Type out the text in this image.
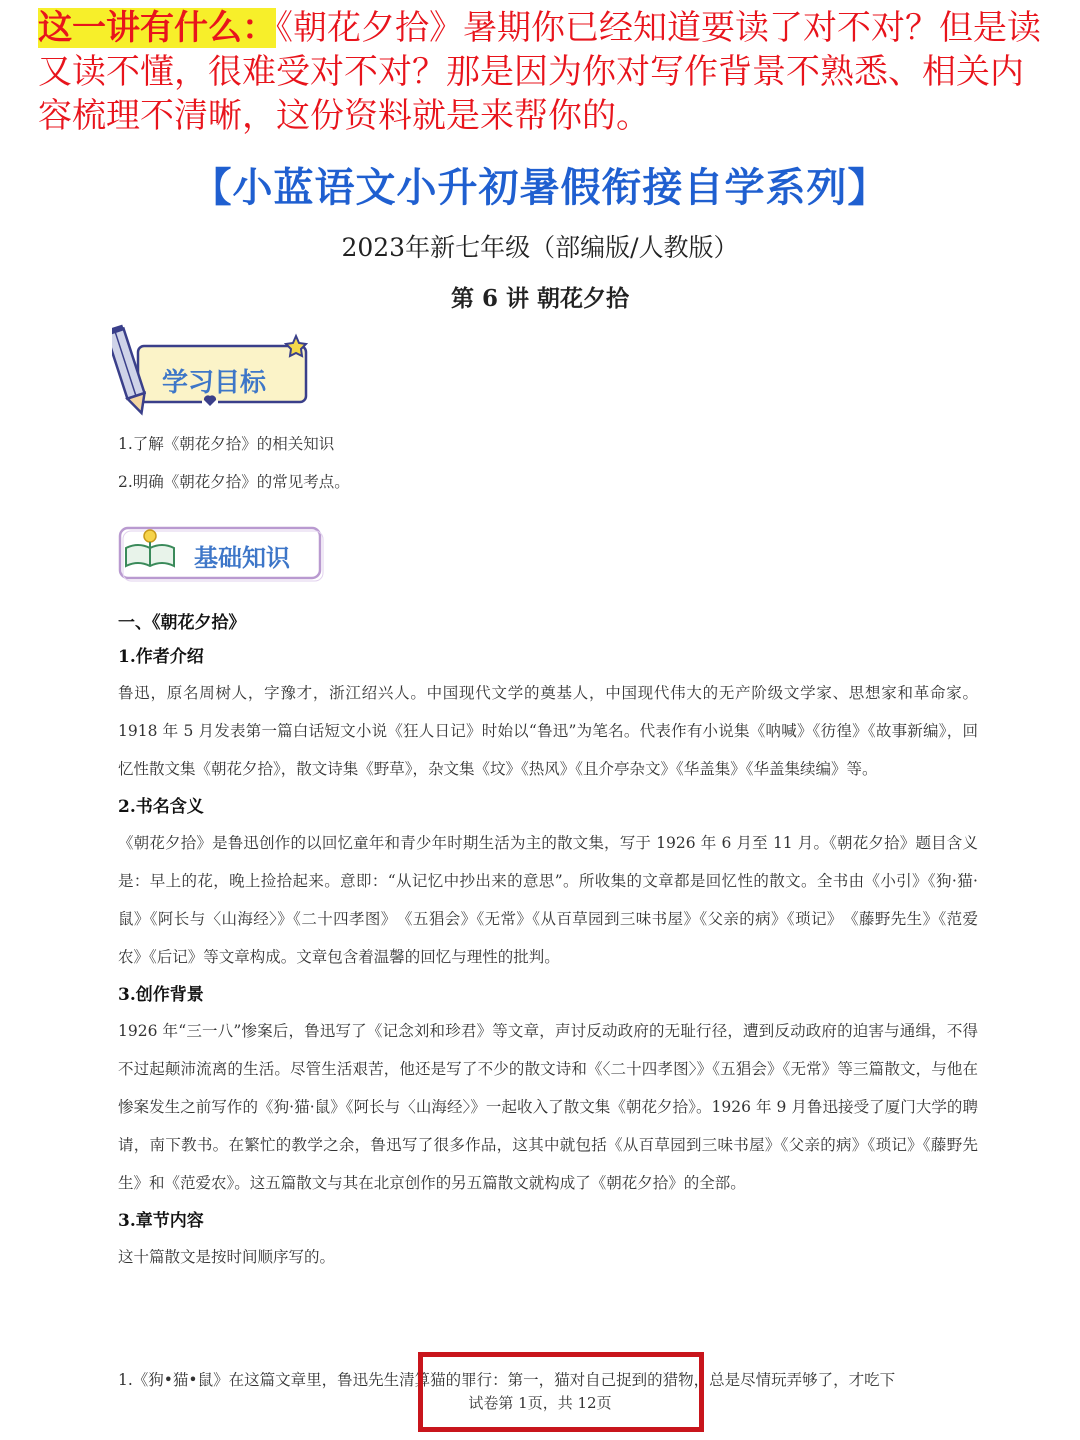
这一讲有什么：《朝花夕拾》暑期你已经知道要读了对不对？但是读又读不懂，很难受对不对？那是因为你对写作背景不熟悉、相关内容梳理不清晰，这份资料就是来帮你的。
【小蓝语文小升初暑假衔接自学系列】
2023年新七年级（部编版/人教版）
第 6 讲 朝花夕拾
学习目标
1.了解《朝花夕拾》的相关知识
2.明确《朝花夕拾》的常见考点。
基础知识
一、《朝花夕拾》
1.作者介绍

鲁迅，原名周树人，字豫才，浙江绍兴人。中国现代文学的奠基人，中国现代伟大的无产阶级文学家、思想家和革命家。1918 年 5 月发表第一篇白话短文小说《狂人日记》时始以“鲁迅”为笔名。代表作有小说集《呐喊》《彷徨》《故事新编》，回忆性散文集《朝花夕拾》，散文诗集《野草》，杂文集《坟》《热风》《且介亭杂文》《华盖集》《华盖集续编》等。

2.书名含义

《朝花夕拾》是鲁迅创作的以回忆童年和青少年时期生活为主的散文集，写于 1926 年 6 月至 11 月。《朝花夕拾》题目含义是：早上的花，晚上捡拾起来。意即：“从记忆中抄出来的意思”。所收集的文章都是回忆性的散文。全书由《小引》《狗·猫·鼠》《阿长与〈山海经〉》《二十四孝图》　《五猖会》《无常》《从百草园到三味书屋》《父亲的病》《琐记》　《藤野先生》《范爱农》《后记》等文章构成。文章包含着温馨的回忆与理性的批判。

3.创作背景

1926 年“三一八”惨案后，鲁迅写了《记念刘和珍君》等文章，声讨反动政府的无耻行径，遭到反动政府的迫害与通缉，不得不过起颠沛流离的生活。尽管生活艰苦，他还是写了不少的散文诗和《〈二十四孝图〉》《五猖会》《无常》等三篇散文，与他在惨案发生之前写作的《狗·猫·鼠》《阿长与〈山海经〉》一起收入了散文集《朝花夕拾》。1926 年 9 月鲁迅接受了厦门大学的聘请，南下教书。在繁忙的教学之余，鲁迅写了很多作品，这其中就包括《从百草园到三味书屋》《父亲的病》《琐记》《藤野先生》和《范爱农》。这五篇散文与其在北京创作的另五篇散文就构成了《朝花夕拾》的全部。

3.章节内容

这十篇散文是按时间顺序写的。

1.《狗•猫•鼠》在这篇文章里，鲁迅先生清算猫的罪行：第一，猫对自己捉到的猎物，总是尽情玩弄够了，才吃下
试卷第 1页，共 12页
